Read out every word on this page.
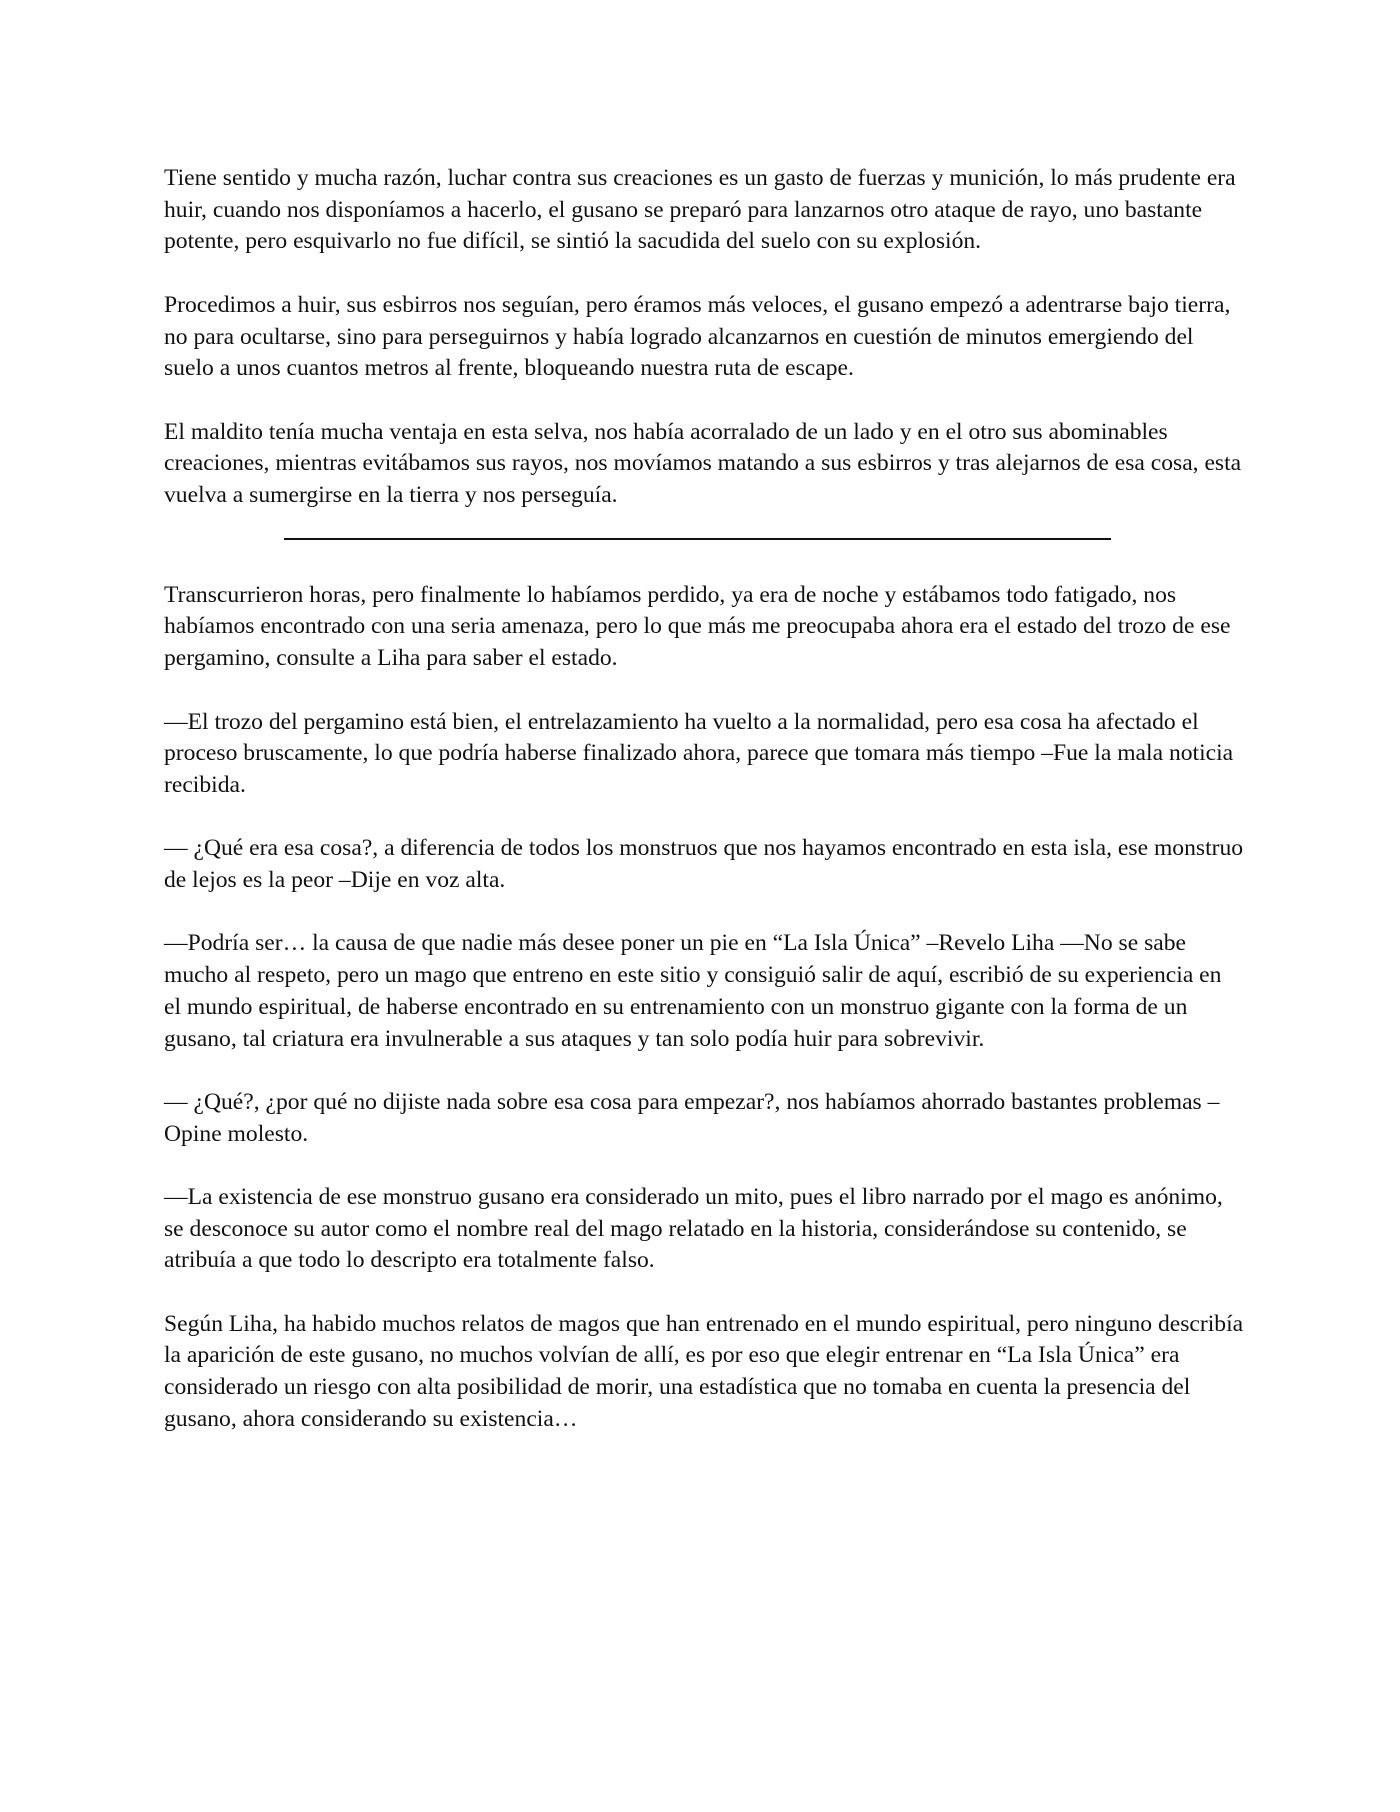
Tiene sentido y mucha razón, luchar contra sus creaciones es un gasto de fuerzas y munición, lo más prudente era huir, cuando nos disponíamos a hacerlo, el gusano se preparó para lanzarnos otro ataque de rayo, uno bastante potente, pero esquivarlo no fue difícil, se sintió la sacudida del suelo con su explosión.

Procedimos a huir, sus esbirros nos seguían, pero éramos más veloces, el gusano empezó a adentrarse bajo tierra, no para ocultarse, sino para perseguirnos y había logrado alcanzarnos en cuestión de minutos emergiendo del suelo a unos cuantos metros al frente, bloqueando nuestra ruta de escape.

El maldito tenía mucha ventaja en esta selva, nos había acorralado de un lado y en el otro sus abominables creaciones, mientras evitábamos sus rayos, nos movíamos matando a sus esbirros y tras alejarnos de esa cosa, esta vuelva a sumergirse en la tierra y nos perseguía.

Transcurrieron horas, pero finalmente lo habíamos perdido, ya era de noche y estábamos todo fatigado, nos habíamos encontrado con una seria amenaza, pero lo que más me preocupaba ahora era el estado del trozo de ese pergamino, consulte a Liha para saber el estado.

—El trozo del pergamino está bien, el entrelazamiento ha vuelto a la normalidad, pero esa cosa ha afectado el proceso bruscamente, lo que podría haberse finalizado ahora, parece que tomara más tiempo –Fue la mala noticia recibida.

— ¿Qué era esa cosa?, a diferencia de todos los monstruos que nos hayamos encontrado en esta isla, ese monstruo de lejos es la peor –Dije en voz alta.

—Podría ser… la causa de que nadie más desee poner un pie en “La Isla Única” –Revelo Liha —No se sabe mucho al respeto, pero un mago que entreno en este sitio y consiguió salir de aquí, escribió de su experiencia en el mundo espiritual, de haberse encontrado en su entrenamiento con un monstruo gigante con la forma de un gusano, tal criatura era invulnerable a sus ataques y tan solo podía huir para sobrevivir.

— ¿Qué?, ¿por qué no dijiste nada sobre esa cosa para empezar?, nos habíamos ahorrado bastantes problemas –Opine molesto.

—La existencia de ese monstruo gusano era considerado un mito, pues el libro narrado por el mago es anónimo, se desconoce su autor como el nombre real del mago relatado en la historia, considerándose su contenido, se atribuía a que todo lo descripto era totalmente falso.

Según Liha, ha habido muchos relatos de magos que han entrenado en el mundo espiritual, pero ninguno describía la aparición de este gusano, no muchos volvían de allí, es por eso que elegir entrenar en “La Isla Única” era considerado un riesgo con alta posibilidad de morir, una estadística que no tomaba en cuenta la presencia del gusano, ahora considerando su existencia…
